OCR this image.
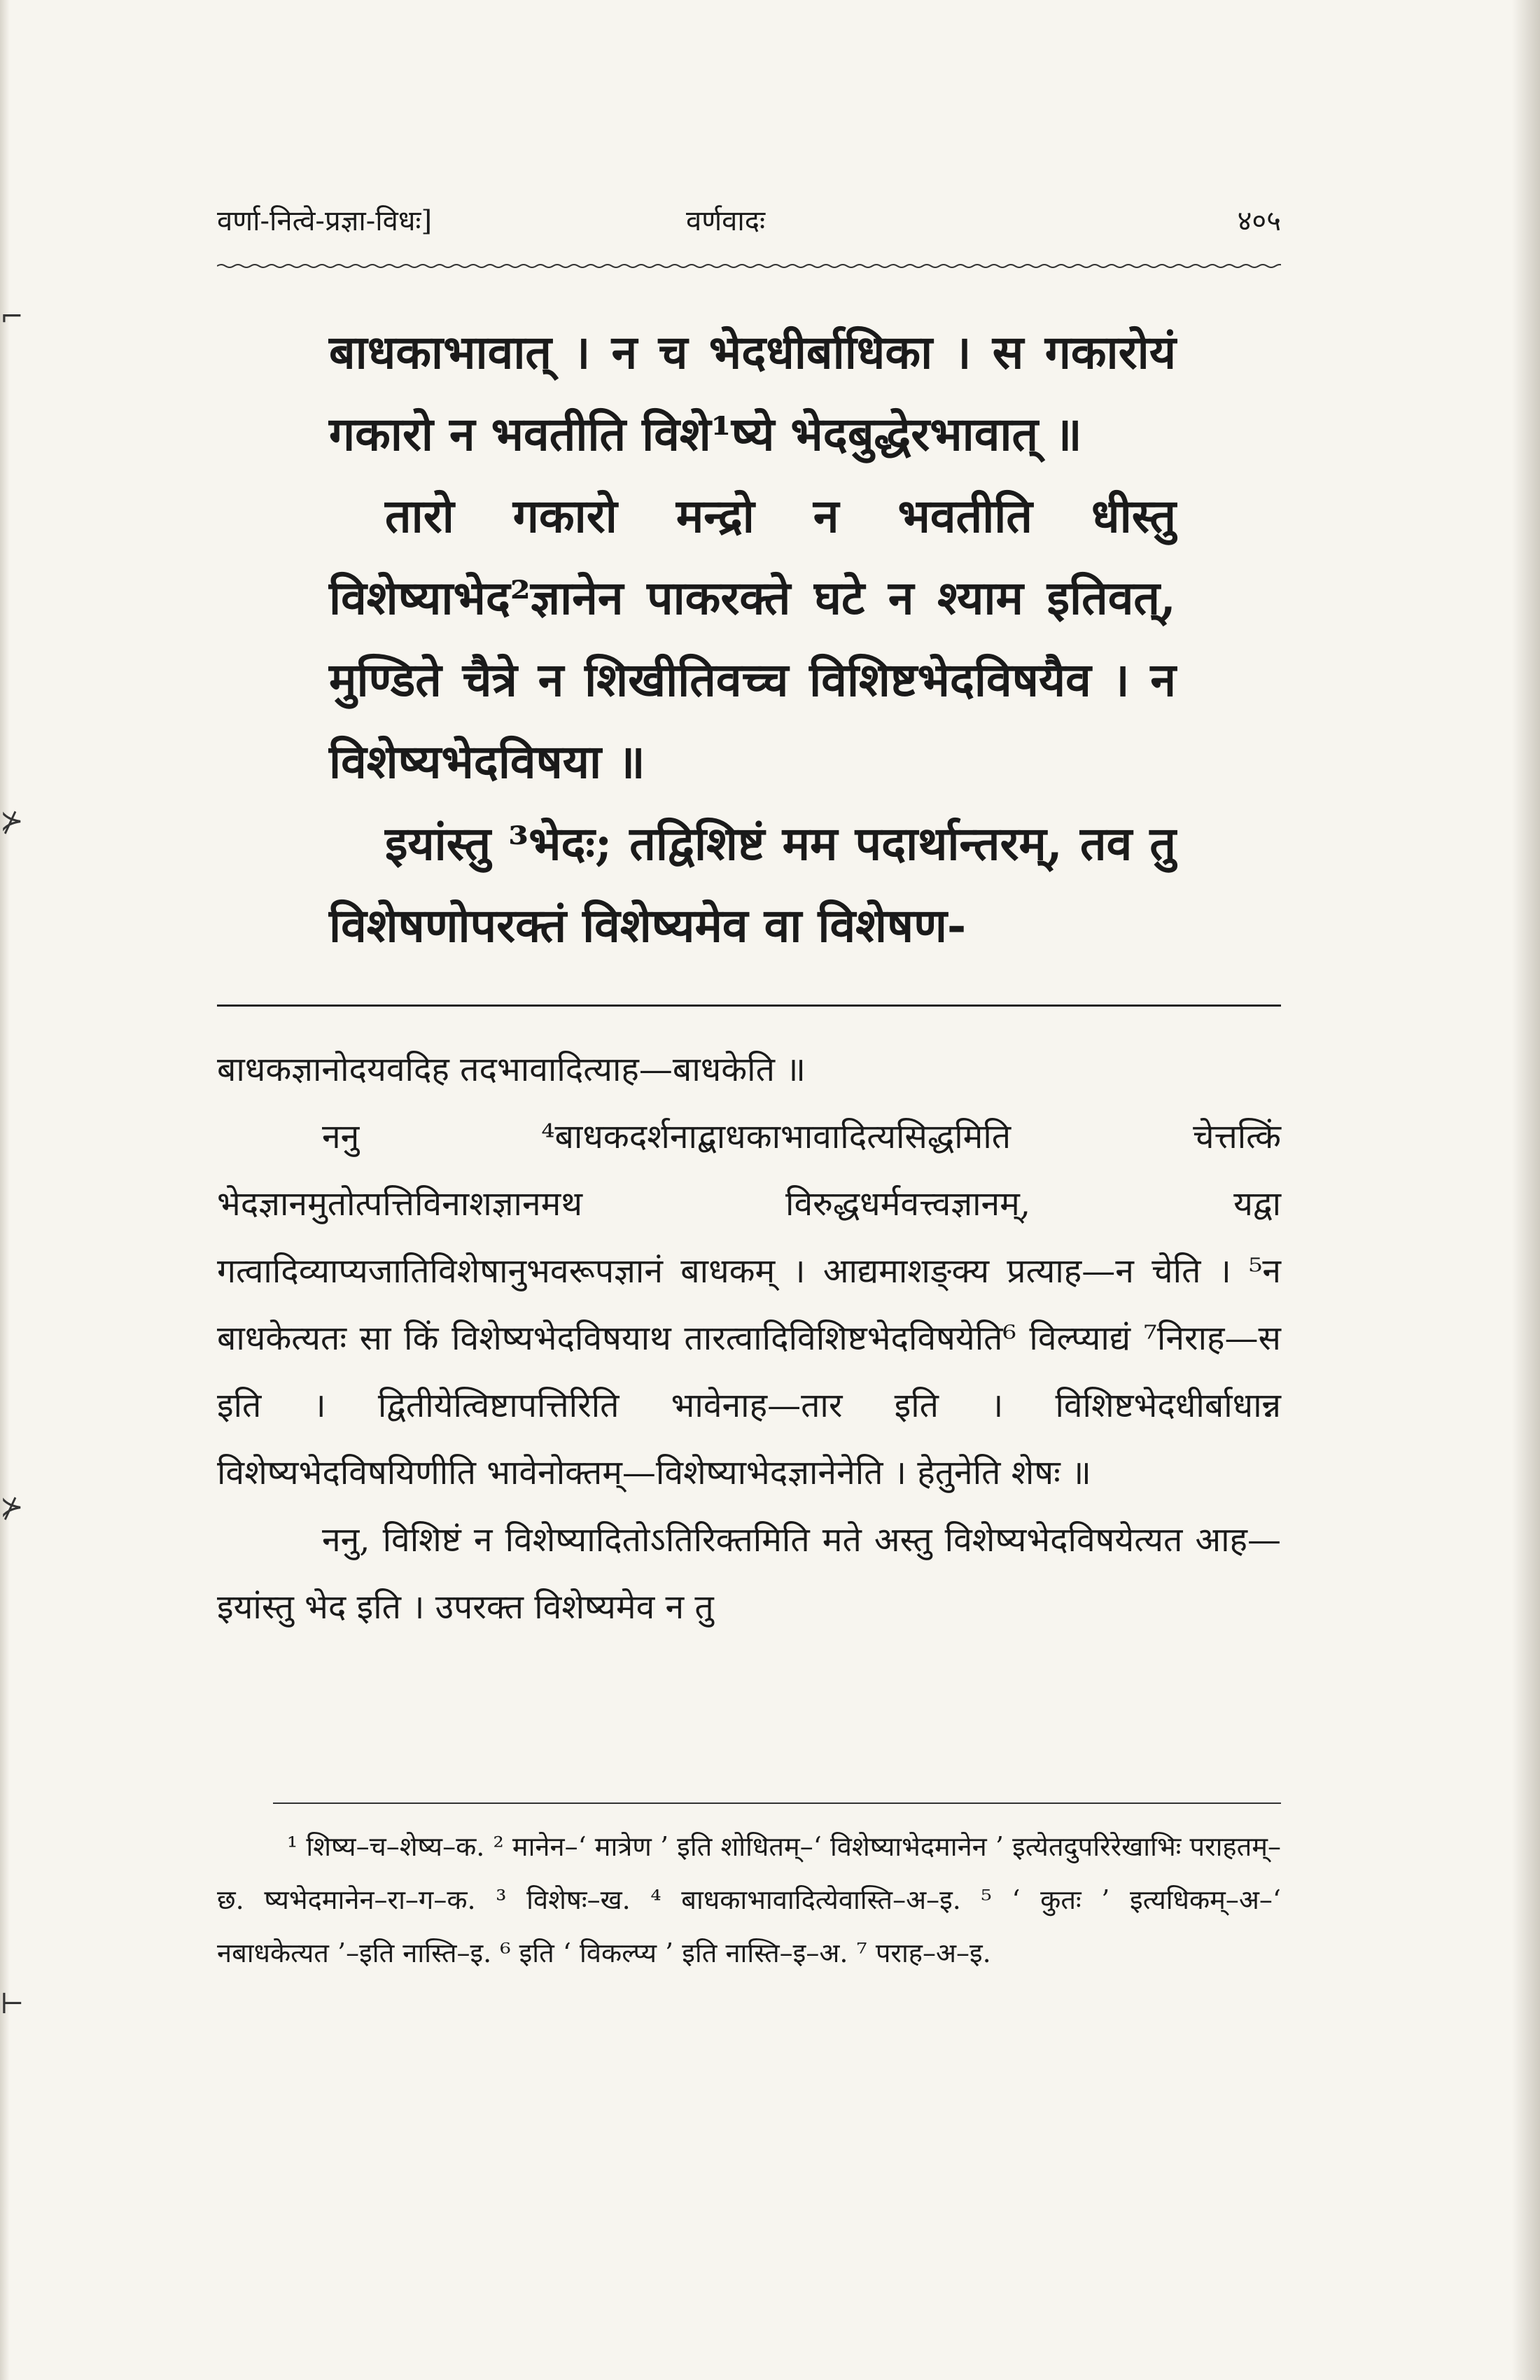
वर्णा-नित्वे-प्रज्ञा-विधः]	वर्णवादः	४०५

बाधकाभावात् । न च भेदधीर्बाधिका । स गकारोयं गकारो न भवतीति विशे¹ष्ये भेदबुद्धेरभावात् ॥

तारो गकारो मन्द्रो न भवतीति धीस्तु विशेष्याभेद²ज्ञानेन पाकरक्ते घटे न श्याम इतिवत्, मुण्डिते चैत्रे न शिखीतिवच्च विशिष्टभेदविषयैव । न विशेष्यभेदविषया ॥

इयांस्तु ³भेदः; तद्विशिष्टं मम पदार्थान्तरम्, तव तु विशेषणोपरक्तं विशेष्यमेव वा विशेषण-

बाधकज्ञानोदयवदिह तदभावादित्याह—बाधकेति ॥

ननु ⁴बाधकदर्शनाद्बाधकाभावादित्यसिद्धमिति चेत्तत्किं भेदज्ञानमुतोत्पत्तिविनाशज्ञानमथ विरुद्धधर्मवत्त्वज्ञानम्, यद्वा गत्वादिव्याप्यजातिविशेषानुभवरूपज्ञानं बाधकम् । आद्यमाशङ्क्य प्रत्याह—न चेति । ⁵न बाधकेत्यतः सा किं विशेष्यभेदविषयाथ तारत्वादिविशिष्टभेदविषयेति⁶ विल्प्याद्यं ⁷निराह—स इति । द्वितीयेत्विष्टापत्तिरिति भावेनाह—तार इति । विशिष्टभेदधीर्बाधान्न विशेष्यभेदविषयिणीति भावेनोक्तम्—विशेष्याभेदज्ञानेनेति । हेतुनेति शेषः ॥

ननु, विशिष्टं न विशेष्यादितोऽतिरिक्तमिति मते अस्तु विशेष्यभेदविषयेत्यत आह—इयांस्तु भेद इति । उपरक्त विशेष्यमेव न तु

¹ शिष्य–च–शेष्य–क. ² मानेन–‘ मात्रेण ’ इति शोधितम्–‘ विशेष्याभेदमानेन ’ इत्येतदुपरिरेखाभिः पराहतम्–छ. ष्यभेदमानेन–रा–ग–क. ³ विशेषः–ख. ⁴ बाधकाभावादित्येवास्ति–अ–इ. ⁵ ‘ कुतः ’ इत्यधिकम्–अ–‘ नबाधकेत्यत ’–इति नास्ति–इ. ⁶ इति ‘ विकल्प्य ’ इति नास्ति–इ–अ. ⁷ पराह–अ–इ.

⌐
⊁
⊁
⊢
